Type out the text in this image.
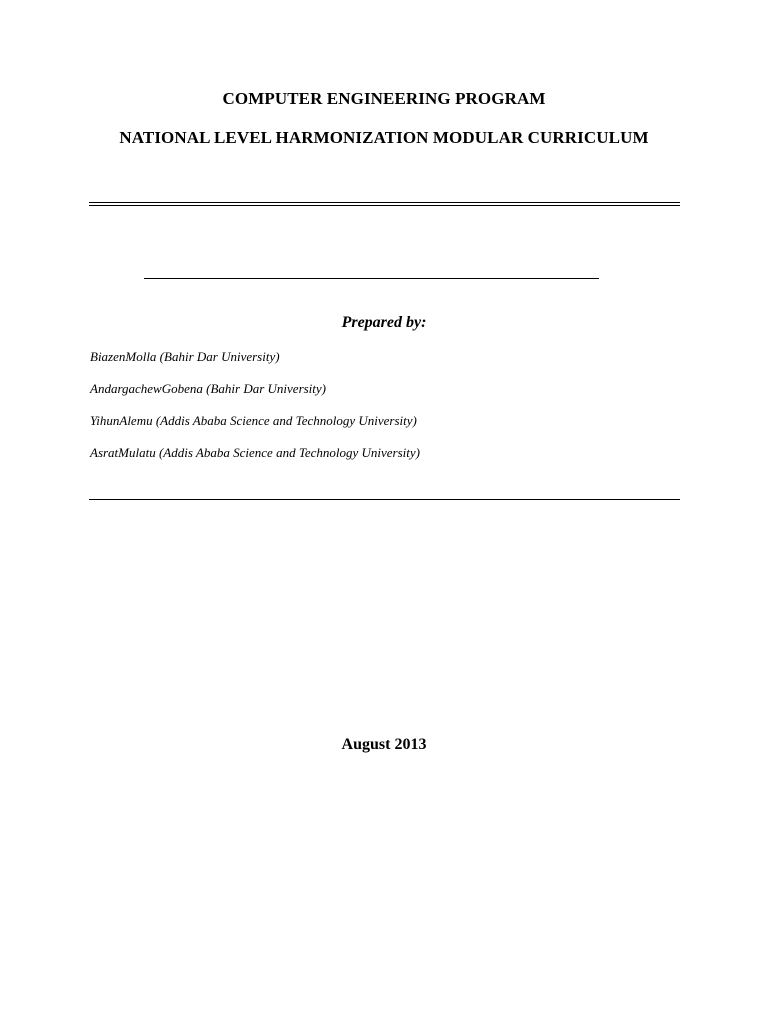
COMPUTER ENGINEERING PROGRAM
NATIONAL LEVEL HARMONIZATION MODULAR CURRICULUM
Prepared by:
BiazenMolla (Bahir Dar University)
AndargachewGobena (Bahir Dar University)
YihunAlemu (Addis Ababa Science and Technology University)
AsratMulatu (Addis Ababa Science and Technology University)
August 2013
